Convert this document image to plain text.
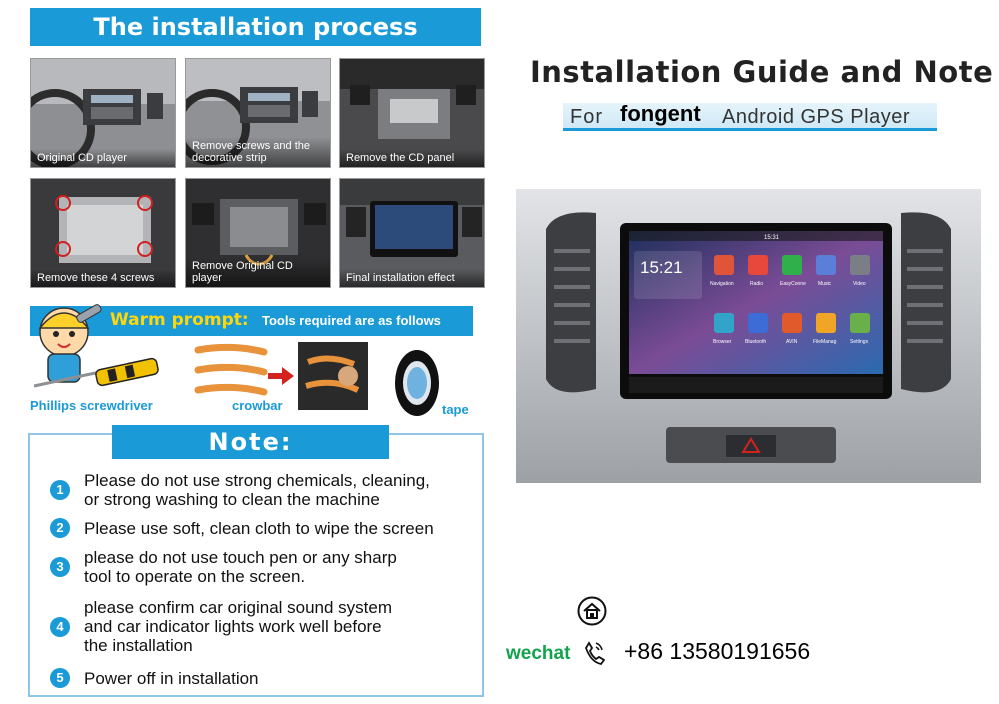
The installation process
Original CD player
Remove screws and the decorative strip	Remove the CD panel
Remove these 4 screws
Remove Original CD player	Final installation effect
Warm prompt: Tools required are as follows
Phillips screwdriver	crowbar	tape
Note:
1	Please do not use strong chemicals, cleaning,
or strong washing to clean the machine
2	Please use soft, clean cloth to wipe the screen
3	please do not use touch pen or any sharp
tool to operate on the screen.
4
please confirm car original sound system
and car indicator lights work well before
the installation
5	Power off in installation
Installation Guide and Note
For fongent Android GPS Player
15:21
15:31
Navigation	Radio	EasyConne Music	Video
Browser	Bluetooth	AVIN	FileManag	Settings
wechat +86 13580191656
